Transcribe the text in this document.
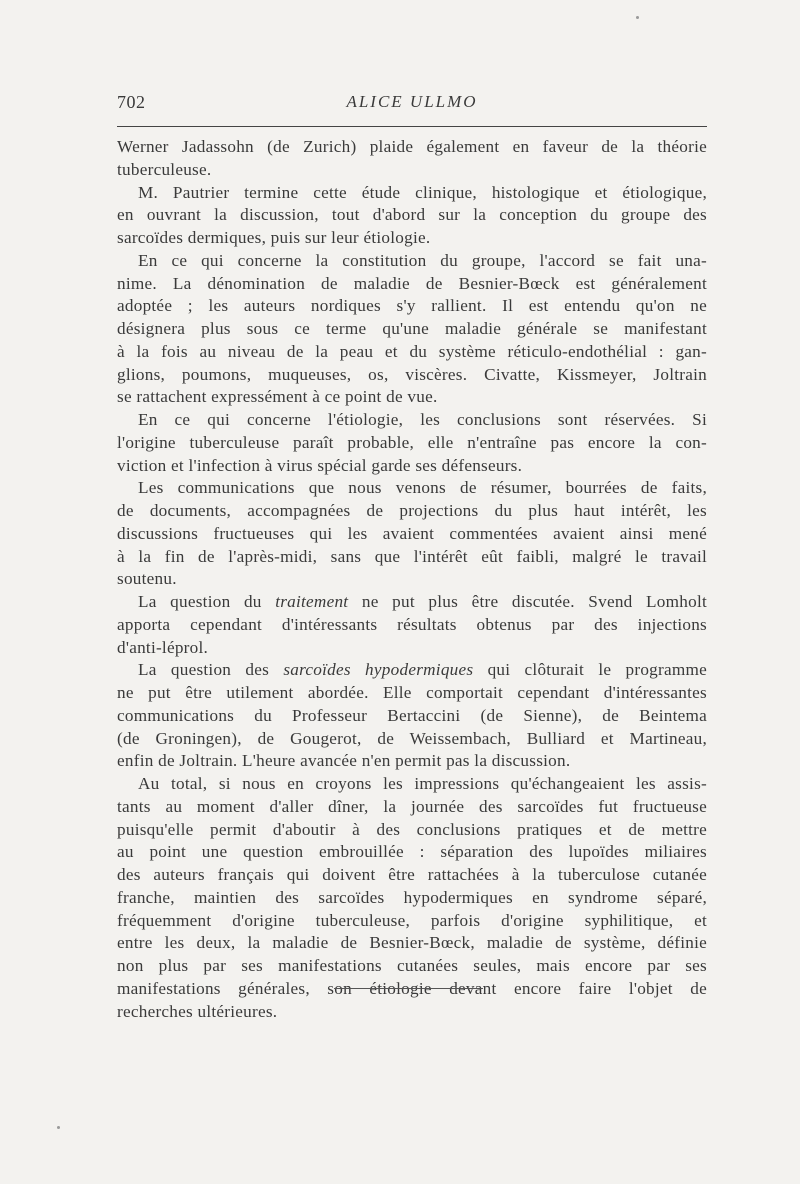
702	ALICE ULLMO
Werner Jadassohn (de Zurich) plaide également en faveur de la théorie
tuberculeuse.
M. Pautrier termine cette étude clinique, histologique et étiologique,
en ouvrant la discussion, tout d'abord sur la conception du groupe des
sarcoïdes dermiques, puis sur leur étiologie.
En ce qui concerne la constitution du groupe, l'accord se fait una-
nime. La dénomination de maladie de Besnier-Bœck est généralement
adoptée ; les auteurs nordiques s'y rallient. Il est entendu qu'on ne
désignera plus sous ce terme qu'une maladie générale se manifestant
à la fois au niveau de la peau et du système réticulo-endothélial : gan-
glions, poumons, muqueuses, os, viscères. Civatte, Kissmeyer, Joltrain
se rattachent expressément à ce point de vue.
En ce qui concerne l'étiologie, les conclusions sont réservées. Si
l'origine tuberculeuse paraît probable, elle n'entraîne pas encore la con-
viction et l'infection à virus spécial garde ses défenseurs.
Les communications que nous venons de résumer, bourrées de faits,
de documents, accompagnées de projections du plus haut intérêt, les
discussions fructueuses qui les avaient commentées avaient ainsi mené
à la fin de l'après-midi, sans que l'intérêt eût faibli, malgré le travail
soutenu.
La question du traitement ne put plus être discutée. Svend Lomholt
apporta cependant d'intéressants résultats obtenus par des injections
d'anti-léprol.
La question des sarcoïdes hypodermiques qui clôturait le programme
ne put être utilement abordée. Elle comportait cependant d'intéressantes
communications du Professeur Bertaccini (de Sienne), de Beintema
(de Groningen), de Gougerot, de Weissembach, Bulliard et Martineau,
enfin de Joltrain. L'heure avancée n'en permit pas la discussion.
Au total, si nous en croyons les impressions qu'échangeaient les assis-
tants au moment d'aller dîner, la journée des sarcoïdes fut fructueuse
puisqu'elle permit d'aboutir à des conclusions pratiques et de mettre
au point une question embrouillée : séparation des lupoïdes miliaires
des auteurs français qui doivent être rattachées à la tuberculose cutanée
franche, maintien des sarcoïdes hypodermiques en syndrome séparé,
fréquemment d'origine tuberculeuse, parfois d'origine syphilitique, et
entre les deux, la maladie de Besnier-Bœck, maladie de système, définie
non plus par ses manifestations cutanées seules, mais encore par ses
manifestations générales, son étiologie devant encore faire l'objet de
recherches ultérieures.
